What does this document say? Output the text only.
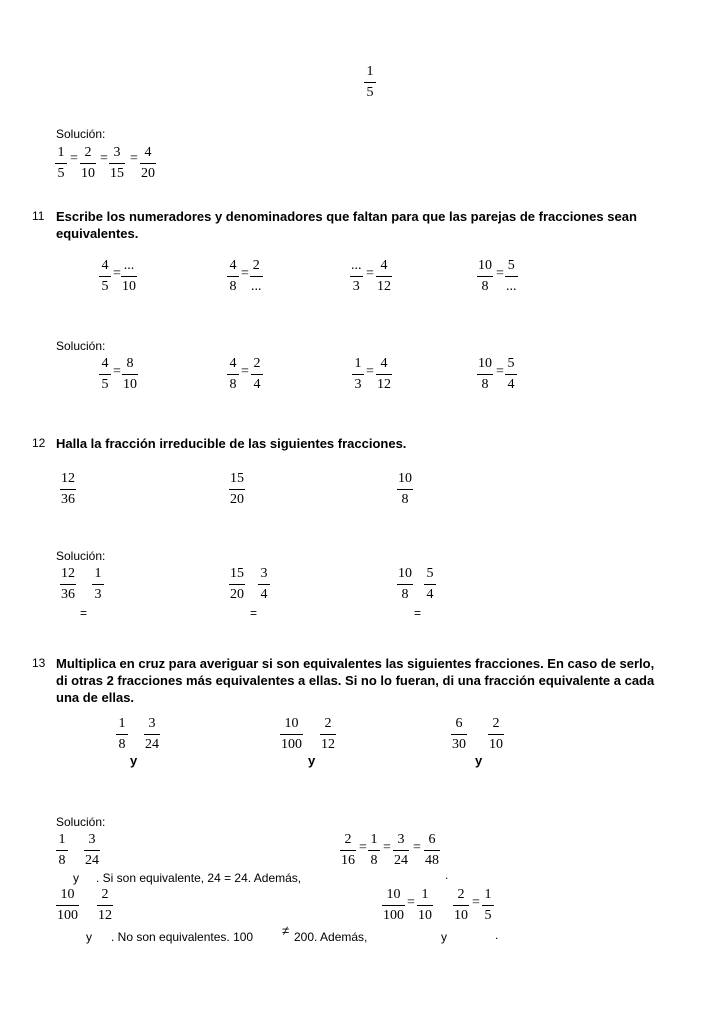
1
5
Solución:
1
5
= 2
10
= 3
15
= 4
20
11 Escribe los numeradores y denominadores que faltan para que las parejas de fracciones sean
equivalentes.
4
5
=
...
10
4
8
=
2
...
...
3
=
4
12
10
8
=
5
...
Solución:
4
5
=
8
10
4
8
=
2
4
1
3
=
4
12
10
8
=
5
4
12 Halla la fracción irreducible de las siguientes fracciones.
12
36
15
20
10
8
Solución:
12
36
1
3
=
15
20
3
4
=
10
8
5
4
=
13 Multiplica en cruz para averiguar si son equivalentes las siguientes fracciones. En caso de serlo,
di otras 2 fracciones más equivalentes a ellas. Si no lo fueran, di una fracción equivalente a cada
una de ellas.
1
8
3
24
y
10
100
2
12
y
6
30
2
10
y
Solución:
1
8
3
24
y . Si son equivalente, 24 = 24. Además,
2
16
=
1
8
=
3
24
=
6
48
.
10
100
2
12
y . No son equivalentes. 100 ≠ 200. Además,
10
100
=
1
10
y
2
10
=
1
5
.
